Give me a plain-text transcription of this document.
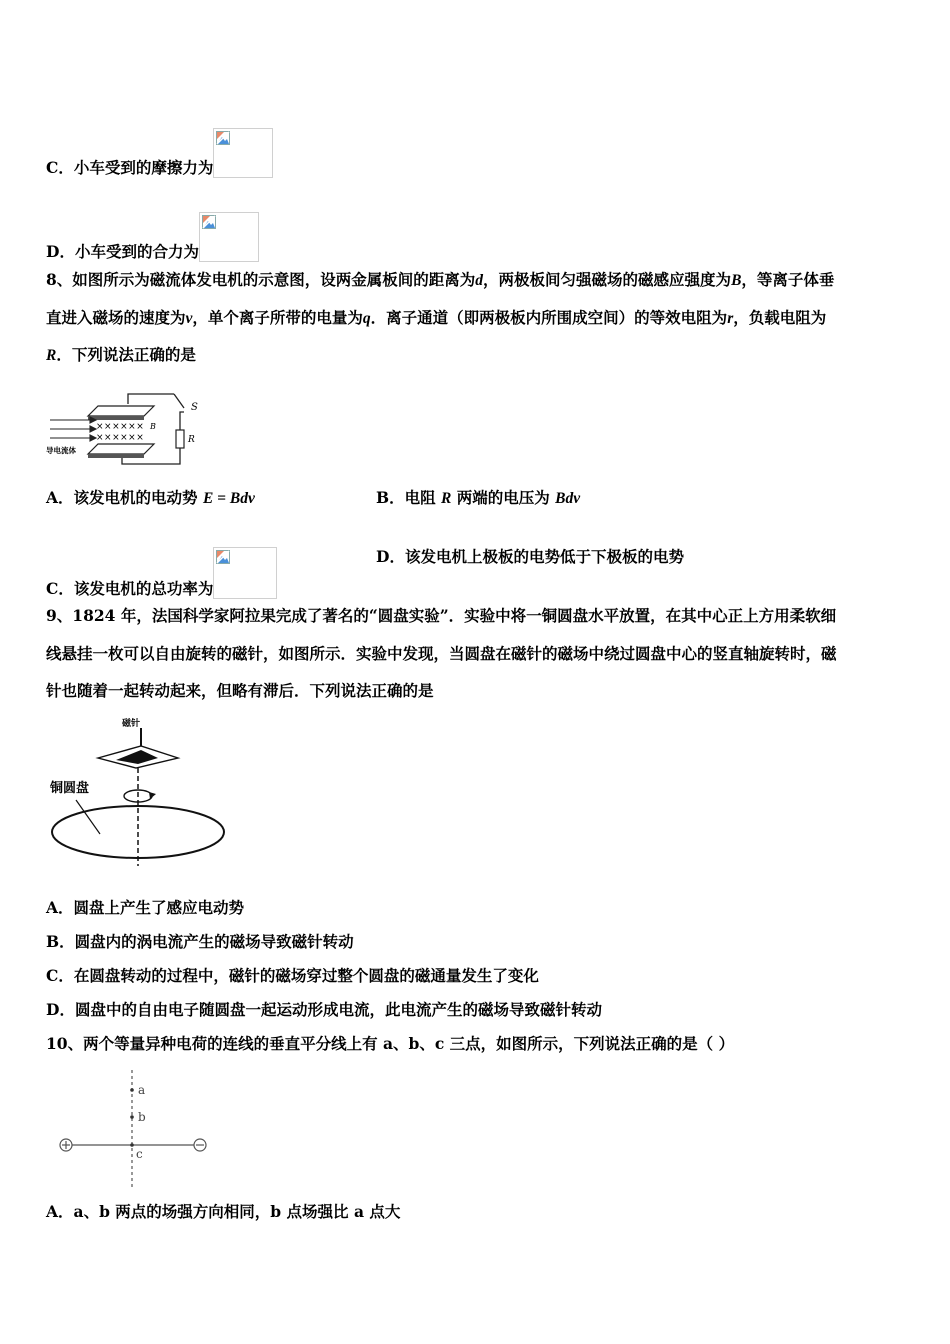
C．小车受到的摩擦力为
D．小车受到的合力为
8、如图所示为磁流体发电机的示意图，设两金属板间的距离为d，两极板间匀强磁场的磁感应强度为B，等离子体垂
直进入磁场的速度为v，单个离子所带的电量为q．离子通道（即两极板内所围成空间）的等效电阻为r，负载电阻为
R．下列说法正确的是
S
R
×××××× B
××××××
导电流体
A．该发电机的电动势 E = Bdv	B．电阻 R 两端的电压为 Bdv
C．该发电机的总功率为
D．该发电机上极板的电势低于下极板的电势
9、1824 年，法国科学家阿拉果完成了著名的“圆盘实验”．实验中将一铜圆盘水平放置，在其中心正上方用柔软细
线悬挂一枚可以自由旋转的磁针，如图所示．实验中发现，当圆盘在磁针的磁场中绕过圆盘中心的竖直轴旋转时，磁
针也随着一起转动起来，但略有滞后．下列说法正确的是
磁针
铜圆盘
A．圆盘上产生了感应电动势
B．圆盘内的涡电流产生的磁场导致磁针转动
C．在圆盘转动的过程中，磁针的磁场穿过整个圆盘的磁通量发生了变化
D．圆盘中的自由电子随圆盘一起运动形成电流，此电流产生的磁场导致磁针转动
10、两个等量异种电荷的连线的垂直平分线上有 a、b、c 三点，如图所示，下列说法正确的是（ ）
a
b
c
A．a、b 两点的场强方向相同，b 点场强比 a 点大
